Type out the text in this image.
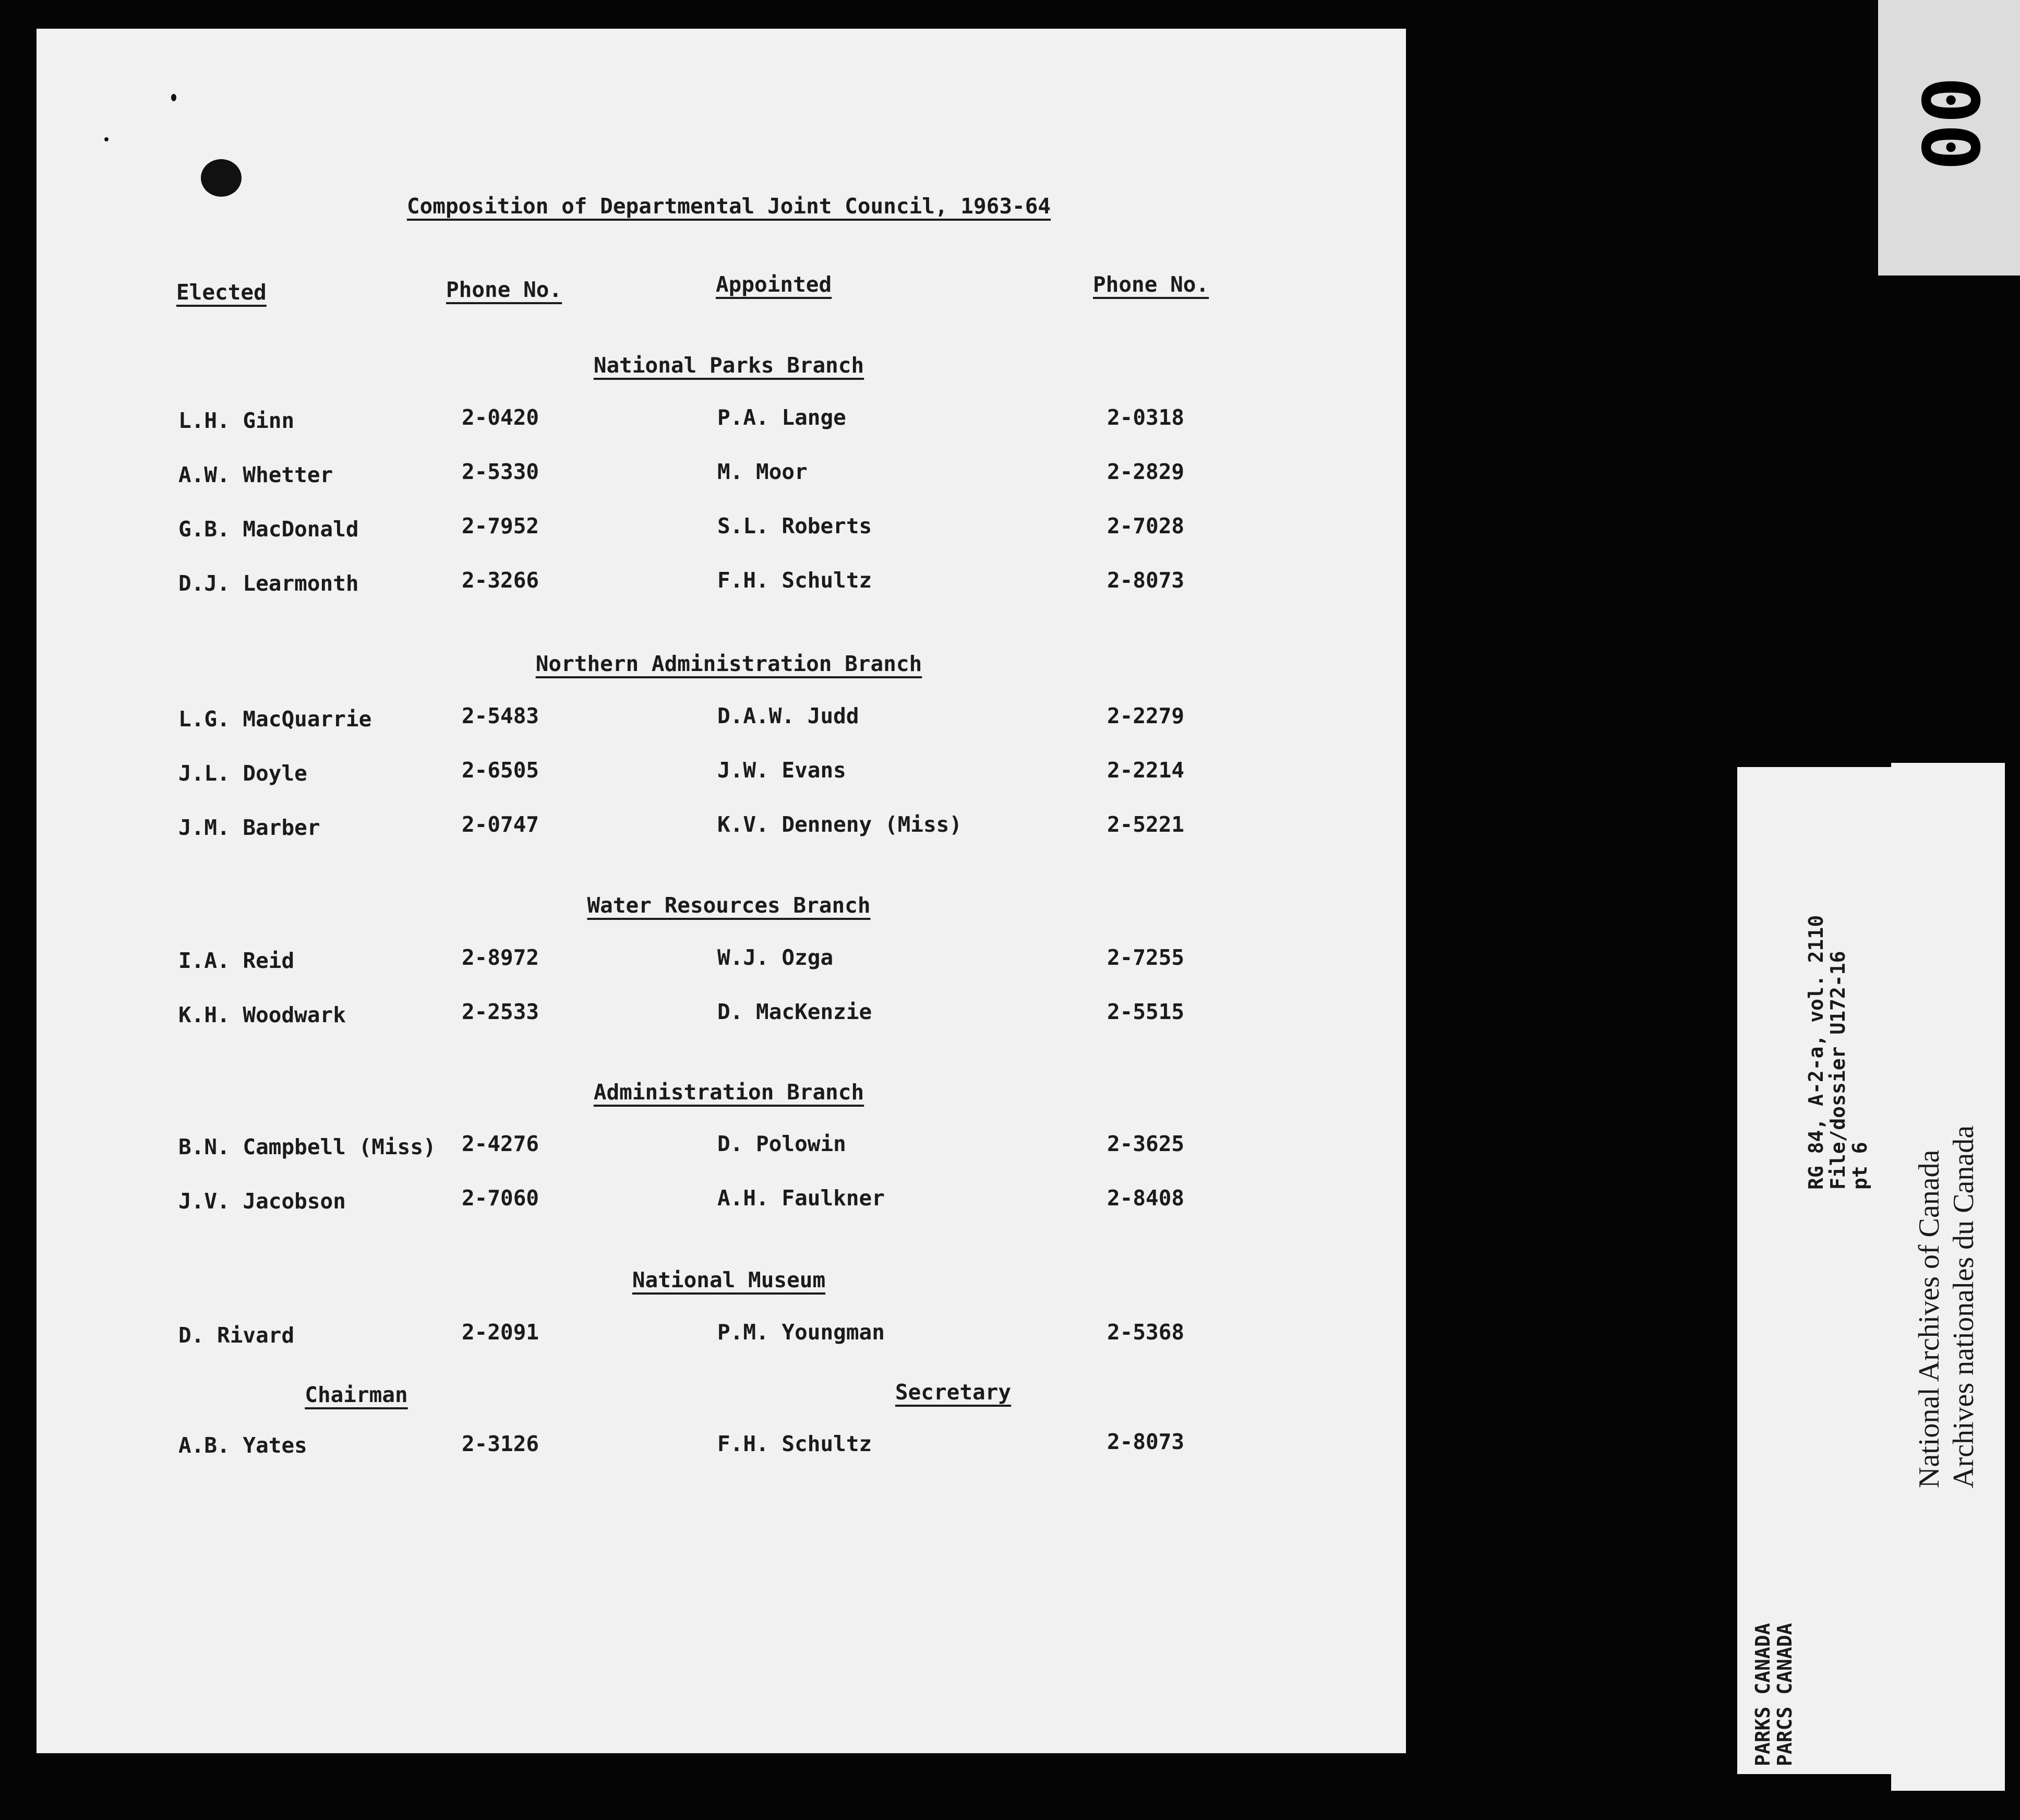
Composition of Departmental Joint Council, 1963-64
Elected	Phone No.	Appointed	Phone No.
National Parks Branch
L.H. Ginn	2-0420	P.A. Lange	2-0318
A.W. Whetter	2-5330	M. Moor	2-2829
G.B. MacDonald	2-7952	S.L. Roberts	2-7028
D.J. Learmonth	2-3266	F.H. Schultz	2-8073
Northern Administration Branch
L.G. MacQuarrie	2-5483	D.A.W. Judd	2-2279
J.L. Doyle	2-6505	J.W. Evans	2-2214
J.M. Barber	2-0747	K.V. Denneny (Miss)	2-5221
Water Resources Branch
I.A. Reid	2-8972	W.J. Ozga	2-7255
K.H. Woodwark	2-2533	D. MacKenzie	2-5515
Administration Branch
B.N. Campbell (Miss) 2-4276	D. Polowin	2-3625
J.V. Jacobson	2-7060	A.H. Faulkner	2-8408
National Museum
D. Rivard	2-2091	P.M. Youngman	2-5368
Chairman	Secretary
A.B. Yates	2-3126	F.H. Schultz	2-8073
00
PARKS CANADA
PARCS CANADA
RG 84, A-2-a, vol. 2110
File/dossier U172-16
pt 6 National Archives of Canada Archives nationales du Canada
